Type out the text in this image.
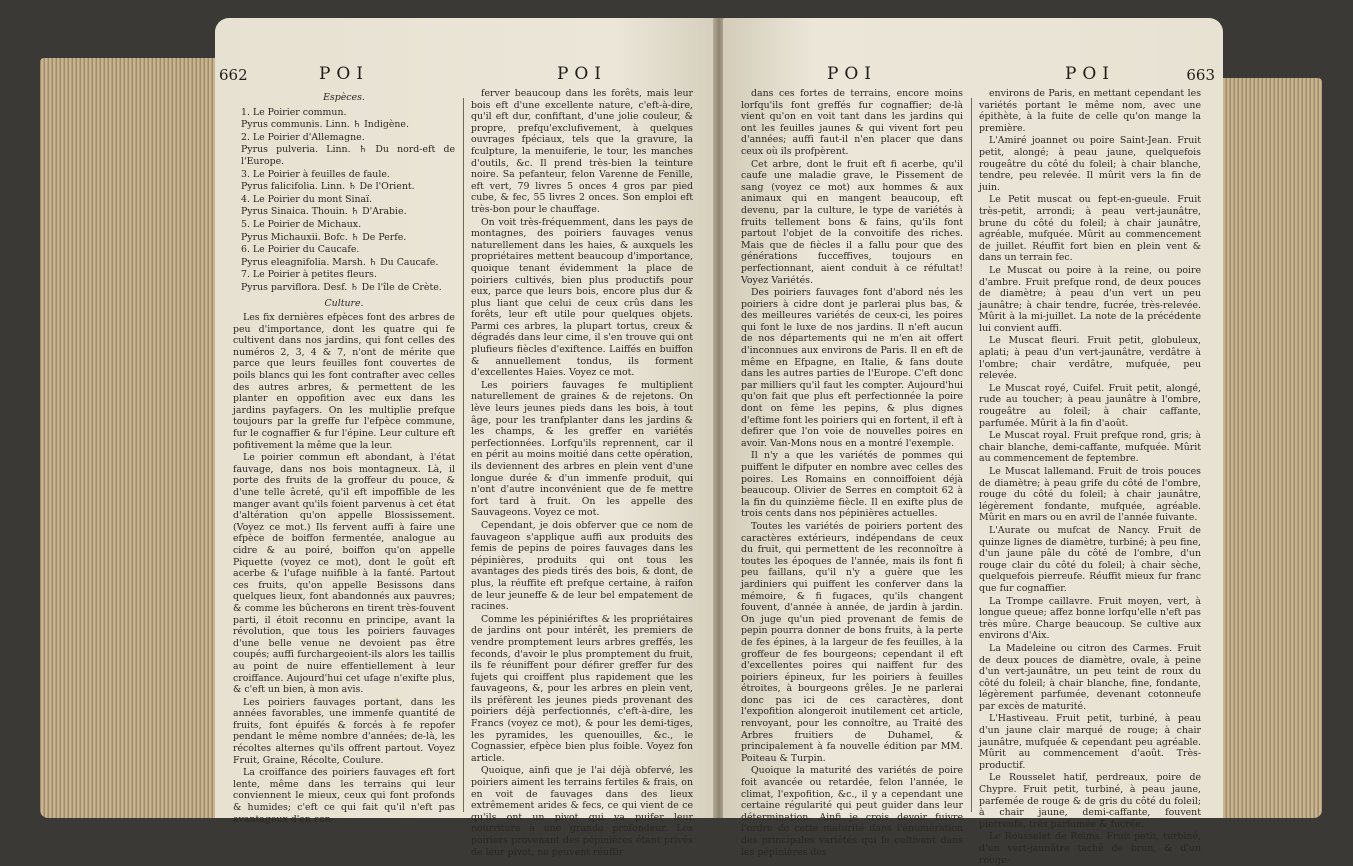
662	POI	POI

Espèces.

1. Le Poirier commun.

Pyrus communis. Linn. ♄ Indigène.

2. Le Poirier d'Allemagne.

Pyrus pulveria. Linn. ♄ Du nord-eft de l'Europe.

3. Le Poirier à feuilles de faule.

Pyrus falicifolia. Linn. ♄ De l'Orient.

4. Le Poirier du mont Sinaï.

Pyrus Sinaica. Thouin. ♄ D'Arabie.

5. Le Poirier de Michaux.

Pyrus Michauxii. Bofc. ♄ De Perfe.

6. Le Poirier du Caucafe.

Pyrus eleagnifolia. Marsh. ♄ Du Caucafe.

7. Le Poirier à petites fleurs.

Pyrus parviflora. Desf. ♄ De l'île de Crète.

Culture.

Les fix dernières efpèces font des arbres de peu d'importance, dont les quatre qui fe cultivent dans nos jardins, qui font celles des numéros 2, 3, 4 & 7, n'ont de mérite que parce que leurs feuilles font couvertes de poils blancs qui les font contrafter avec celles des autres arbres, & permettent de les planter en oppofition avec eux dans les jardins payfagers. On les multiplie prefque toujours par la greffe fur l'efpèce commune, fur le cognaffier & fur l'épine. Leur culture eft pofitivement la même que la leur.

Le poirier commun eft abondant, à l'état fauvage, dans nos bois montagneux. Là, il porte des fruits de la groffeur du pouce, & d'une telle âcreté, qu'il eft impoffible de les manger avant qu'ils foient parvenus à cet état d'altération qu'on appelle Blossissement. (Voyez ce mot.) Ils fervent auffi à faire une efpèce de boiffon fermentée, analogue au cidre & au poiré, boiffon qu'on appelle Piquette (voyez ce mot), dont le goût eft acerbe & l'ufage nuifible à la fanté. Partout ces fruits, qu'on appelle Besissons dans quelques lieux, font abandonnés aux pauvres; & comme les bûcherons en tirent très-fouvent parti, il étoit reconnu en principe, avant la révolution, que tous les poiriers fauvages d'une belle venue ne devoient pas être coupés; auffi furchargeoient-ils alors les taillis au point de nuire effentiellement à leur croiffance. Aujourd'hui cet ufage n'exifte plus, & c'eft un bien, à mon avis.

Les poiriers fauvages portant, dans les années favorables, une immenfe quantité de fruits, font épuifés & forcés à fe repofer pendant le même nombre d'années; de-là, les récoltes alternes qu'ils offrent partout. Voyez Fruit, Graine, Récolte, Coulure.

La croiffance des poiriers fauvages eft fort lente, même dans les terrains qui leur conviennent le mieux, ceux qui font profonds & humides; c'eft ce qui fait qu'il n'eft pas avantageux d'en con-

ferver beaucoup dans les forêts, mais leur bois eft d'une excellente nature, c'eft-à-dire, qu'il eft dur, confiftant, d'une jolie couleur, & propre, prefqu'exclufivement, à quelques ouvrages fpéciaux, tels que la gravure, la fculpture, la menuiferie, le tour, les manches d'outils, &c. Il prend très-bien la teinture noire. Sa pefanteur, felon Varenne de Fenille, eft vert, 79 livres 5 onces 4 gros par pied cube, & fec, 55 livres 2 onces. Son emploi eft très-bon pour le chauffage.

On voit très-fréquemment, dans les pays de montagnes, des poiriers fauvages venus naturellement dans les haies, & auxquels les propriétaires mettent beaucoup d'importance, quoique tenant évidemment la place de poiriers cultivés, bien plus productifs pour eux, parce que leurs bois, encore plus dur & plus liant que celui de ceux crûs dans les forêts, leur eft utile pour quelques objets. Parmi ces arbres, la plupart tortus, creux & dégradés dans leur cime, il s'en trouve qui ont plufieurs fiècles d'exiftence. Laiffés en buiffon & annuellement tondus, ils forment d'excellentes Haies. Voyez ce mot.

Les poiriers fauvages fe multiplient naturellement de graines & de rejetons. On lève leurs jeunes pieds dans les bois, à tout âge, pour les tranfplanter dans les jardins & les champs, & les greffer en variétés perfectionnées. Lorfqu'ils reprennent, car il en périt au moins moitié dans cette opération, ils deviennent des arbres en plein vent d'une longue durée & d'un immenfe produit, qui n'ont d'autre inconvénient que de fe mettre fort tard à fruit. On les appelle des Sauvageons. Voyez ce mot.

Cependant, je dois obferver que ce nom de fauvageon s'applique auffi aux produits des femis de pepins de poires fauvages dans les pépinières, produits qui ont tous les avantages des pieds tirés des bois, & dont, de plus, la réuffite eft prefque certaine, à raifon de leur jeuneffe & de leur bel empatement de racines.

Comme les pépiniériftes & les propriétaires de jardins ont pour intérêt, les premiers de vendre promptement leurs arbres greffés, les feconds, d'avoir le plus promptement du fruit, ils fe réuniffent pour défirer greffer fur des fujets qui croiffent plus rapidement que les fauvageons, &, pour les arbres en plein vent, ils préfèrent les jeunes pieds provenant des poiriers déjà perfectionnés, c'eft-à-dire, les Francs (voyez ce mot), & pour les demi-tiges, les pyramides, les quenouilles, &c., le Cognassier, efpèce bien plus foible. Voyez fon article.

Quoique, ainfi que je l'ai déjà obfervé, les poiriers aiment les terrains fertiles & frais, on en voit de fauvages dans des lieux extrêmement arides & fecs, ce qui vient de ce qu'ils ont un pivot qui va puifer leur nourriture à une grande profondeur. Les poiriers provenant des pépinières étant privés de leur pivot, ne peuvent réuffir

POI	POI	663

dans ces fortes de terrains, encore moins lorfqu'ils font greffés fur cognaffier; de-là vient qu'on en voit tant dans les jardins qui ont les feuilles jaunes & qui vivent fort peu d'années; auffi faut-il n'en placer que dans ceux où ils profpèrent.

Cet arbre, dont le fruit eft fi acerbe, qu'il caufe une maladie grave, le Pissement de sang (voyez ce mot) aux hommes & aux animaux qui en mangent beaucoup, eft devenu, par la culture, le type de variétés à fruits tellement bons & fains, qu'ils font partout l'objet de la convoitife des riches. Mais que de fiècles il a fallu pour que des générations fucceffives, toujours en perfectionnant, aient conduit à ce réfultat! Voyez Variétés.

Des poiriers fauvages font d'abord nés les poiriers à cidre dont je parlerai plus bas, & des meilleures variétés de ceux-ci, les poires qui font le luxe de nos jardins. Il n'eft aucun de nos départements qui ne m'en ait offert d'inconnues aux environs de Paris. Il en eft de même en Efpagne, en Italie, & fans doute dans les autres parties de l'Europe. C'eft donc par milliers qu'il faut les compter. Aujourd'hui qu'on fait que plus eft perfectionnée la poire dont on fème les pepins, & plus dignes d'eftime font les poiriers qui en fortent, il eft à defirer que l'on voie de nouvelles poires en avoir. Van-Mons nous en a montré l'exemple.

Il n'y a que les variétés de pommes qui puiffent le difputer en nombre avec celles des poires. Les Romains en connoiffoient déjà beaucoup. Olivier de Serres en comptoit 62 à la fin du quinzième fiècle. Il en exifte plus de trois cents dans nos pépinières actuelles.

Toutes les variétés de poiriers portent des caractères extérieurs, indépendans de ceux du fruit, qui permettent de les reconnoître à toutes les époques de l'année, mais ils font fi peu faillans, qu'il n'y a guère que les jardiniers qui puiffent les conferver dans la mémoire, & fi fugaces, qu'ils changent fouvent, d'année à année, de jardin à jardin. On juge qu'un pied provenant de femis de pepin pourra donner de bons fruits, à la perte de fes épines, à la largeur de fes feuilles, à la groffeur de fes bourgeons; cependant il eft d'excellentes poires qui naiffent fur des poiriers épineux, fur les poiriers à feuilles étroites, à bourgeons grêles. Je ne parlerai donc pas ici de ces caractères, dont l'expofition alongeroit inutilement cet article, renvoyant, pour les connoître, au Traité des Arbres fruitiers de Duhamel, & principalement à fa nouvelle édition par MM. Poiteau & Turpin.

Quoique la maturité des variétés de poire foit avancée ou retardée, felon l'année, le climat, l'expofition, &c., il y a cependant une certaine régularité qui peut guider dans leur détermination. Ainfi je crois devoir fuivre l'ordre de cette maturité dans l'énumération des principales variétés qui fe cultivent dans les pépinières des

environs de Paris, en mettant cependant les variétés portant le même nom, avec une épithète, à la fuite de celle qu'on mange la première.

L'Amiré joannet ou poire Saint-Jean. Fruit petit, alongé; à peau jaune, quelquefois rougeâtre du côté du foleil; à chair blanche, tendre, peu relevée. Il mûrit vers la fin de juin.

Le Petit muscat ou fept-en-gueule. Fruit très-petit, arrondi; à peau vert-jaunâtre, brune du côté du foleil; à chair jaunâtre, agréable, mufquée. Mûrit au commencement de juillet. Réuffit fort bien en plein vent & dans un terrain fec.

Le Muscat ou poire à la reine, ou poire d'ambre. Fruit prefque rond, de deux pouces de diamètre; à peau d'un vert un peu jaunâtre; à chair tendre, fucrée, très-relevée. Mûrit à la mi-juillet. La note de la précédente lui convient auffi.

Le Muscat fleuri. Fruit petit, globuleux, aplati; à peau d'un vert-jaunâtre, verdâtre à l'ombre; chair verdâtre, mufquée, peu relevée.

Le Muscat royé, Cuifel. Fruit petit, alongé, rude au toucher; à peau jaunâtre à l'ombre, rougeâtre au foleil; à chair caffante, parfumée. Mûrit à la fin d'août.

Le Muscat royal. Fruit prefque rond, gris; à chair blanche, demi-caffante, mufquée. Mûrit au commencement de feptembre.

Le Muscat lallemand. Fruit de trois pouces de diamètre; à peau grife du côté de l'ombre, rouge du côté du foleil; à chair jaunâtre, légèrement fondante, mufquée, agréable. Mûrit en mars ou en avril de l'année fuivante.

L'Aurate ou mufcat de Nancy. Fruit de quinze lignes de diamètre, turbiné; à peu fine, d'un jaune pâle du côté de l'ombre, d'un rouge clair du côté du foleil; à chair sèche, quelquefois pierreufe. Réuffit mieux fur franc que fur cognaffier.

La Trompe caillavre. Fruit moyen, vert, à longue queue; affez bonne lorfqu'elle n'eft pas très mûre. Charge beaucoup. Se cultive aux environs d'Aix.

La Madeleine ou citron des Carmes. Fruit de deux pouces de diamètre, ovale, à peine d'un vert-jaunâtre, un peu teint de roux du côté du foleil; à chair blanche, fine, fondante, légèrement parfumée, devenant cotonneufe par excès de maturité.

L'Hastiveau. Fruit petit, turbiné, à peau d'un jaune clair marqué de rouge; à chair jaunâtre, mufquée & cependant peu agréable. Mûrit au commencement d'août. Très-productif.

Le Rousselet hatif, perdreaux, poire de Chypre. Fruit petit, turbiné, à peau jaune, parfemée de rouge & de gris du côté du foleil; à chair jaune, demi-caffante, fouvent pierreufe, très parfumée & fucrée.

Le Rousselet de Reims. Fruit petit, turbiné, d'un vert-jaunâtre taché de brun, & d'un rouge-
